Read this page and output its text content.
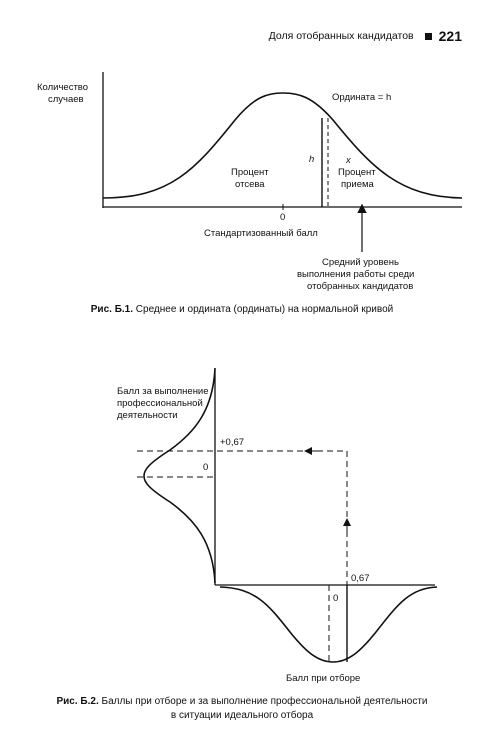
Доля отобранных кандидатов 221
Количество
случаев	Ордината = h
h	x
Процент
отсева
Процент
приема
0
Стандартизованный балл
Средний уровень
выполнения работы среди
отобранных кандидатов
Балл за выполнение
профессиональной
деятельности
+0,67
0
0,67
0
Балл при отборе
Рис. Б.1. Среднее и ордината (ординаты) на нормальной кривой
Рис. Б.2. Баллы при отборе и за выполнение профессиональной деятельности
в ситуации идеального отбора
